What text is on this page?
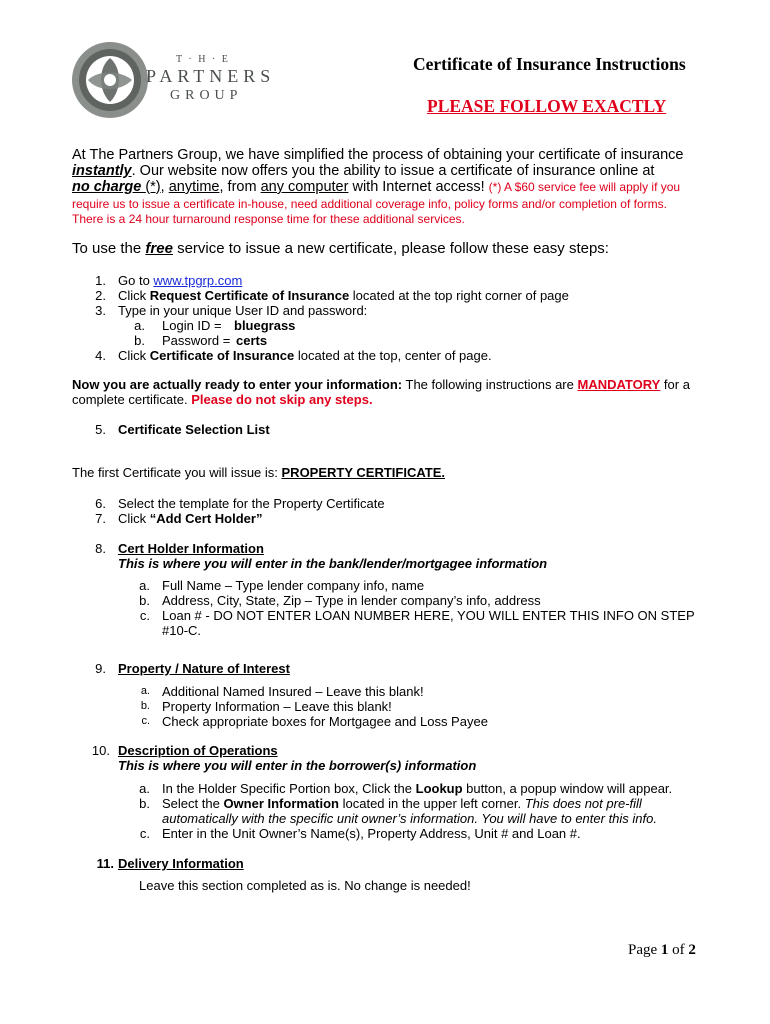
T · H · E
PARTNERS
GROUP
Certificate of Insurance Instructions
PLEASE FOLLOW EXACTLY
At The Partners Group, we have simplified the process of obtaining your certificate of insurance
instantly. Our website now offers you the ability to issue a certificate of insurance online at
no charge (*), anytime, from any computer with Internet access! (*) A $60 service fee will apply if you
require us to issue a certificate in-house, need additional coverage info, policy forms and/or completion of forms.
There is a 24 hour turnaround response time for these additional services.
To use the free service to issue a new certificate, please follow these easy steps:
1. Go to www.tpgrp.com
2. Click Request Certificate of Insurance located at the top right corner of page
3. Type in your unique User ID and password:
a. Login ID = bluegrass
b. Password = certs
4. Click Certificate of Insurance located at the top, center of page.
Now you are actually ready to enter your information: The following instructions are MANDATORY for a
complete certificate. Please do not skip any steps.
5. Certificate Selection List
The first Certificate you will issue is: PROPERTY CERTIFICATE.
6. Select the template for the Property Certificate
7. Click “Add Cert Holder”
8. Cert Holder Information
This is where you will enter in the bank/lender/mortgagee information
a. Full Name – Type lender company info, name
b. Address, City, State, Zip – Type in lender company’s info, address
c. Loan # - DO NOT ENTER LOAN NUMBER HERE, YOU WILL ENTER THIS INFO ON STEP
#10-C.
9. Property / Nature of Interest
a. Additional Named Insured – Leave this blank!
b. Property Information – Leave this blank!
c. Check appropriate boxes for Mortgagee and Loss Payee
10. Description of Operations
This is where you will enter in the borrower(s) information
a. In the Holder Specific Portion box, Click the Lookup button, a popup window will appear.
b. Select the Owner Information located in the upper left corner. This does not pre-fill
automatically with the specific unit owner’s information. You will have to enter this info.
c. Enter in the Unit Owner’s Name(s), Property Address, Unit # and Loan #.
11. Delivery Information
Leave this section completed as is. No change is needed!
Page 1 of 2
